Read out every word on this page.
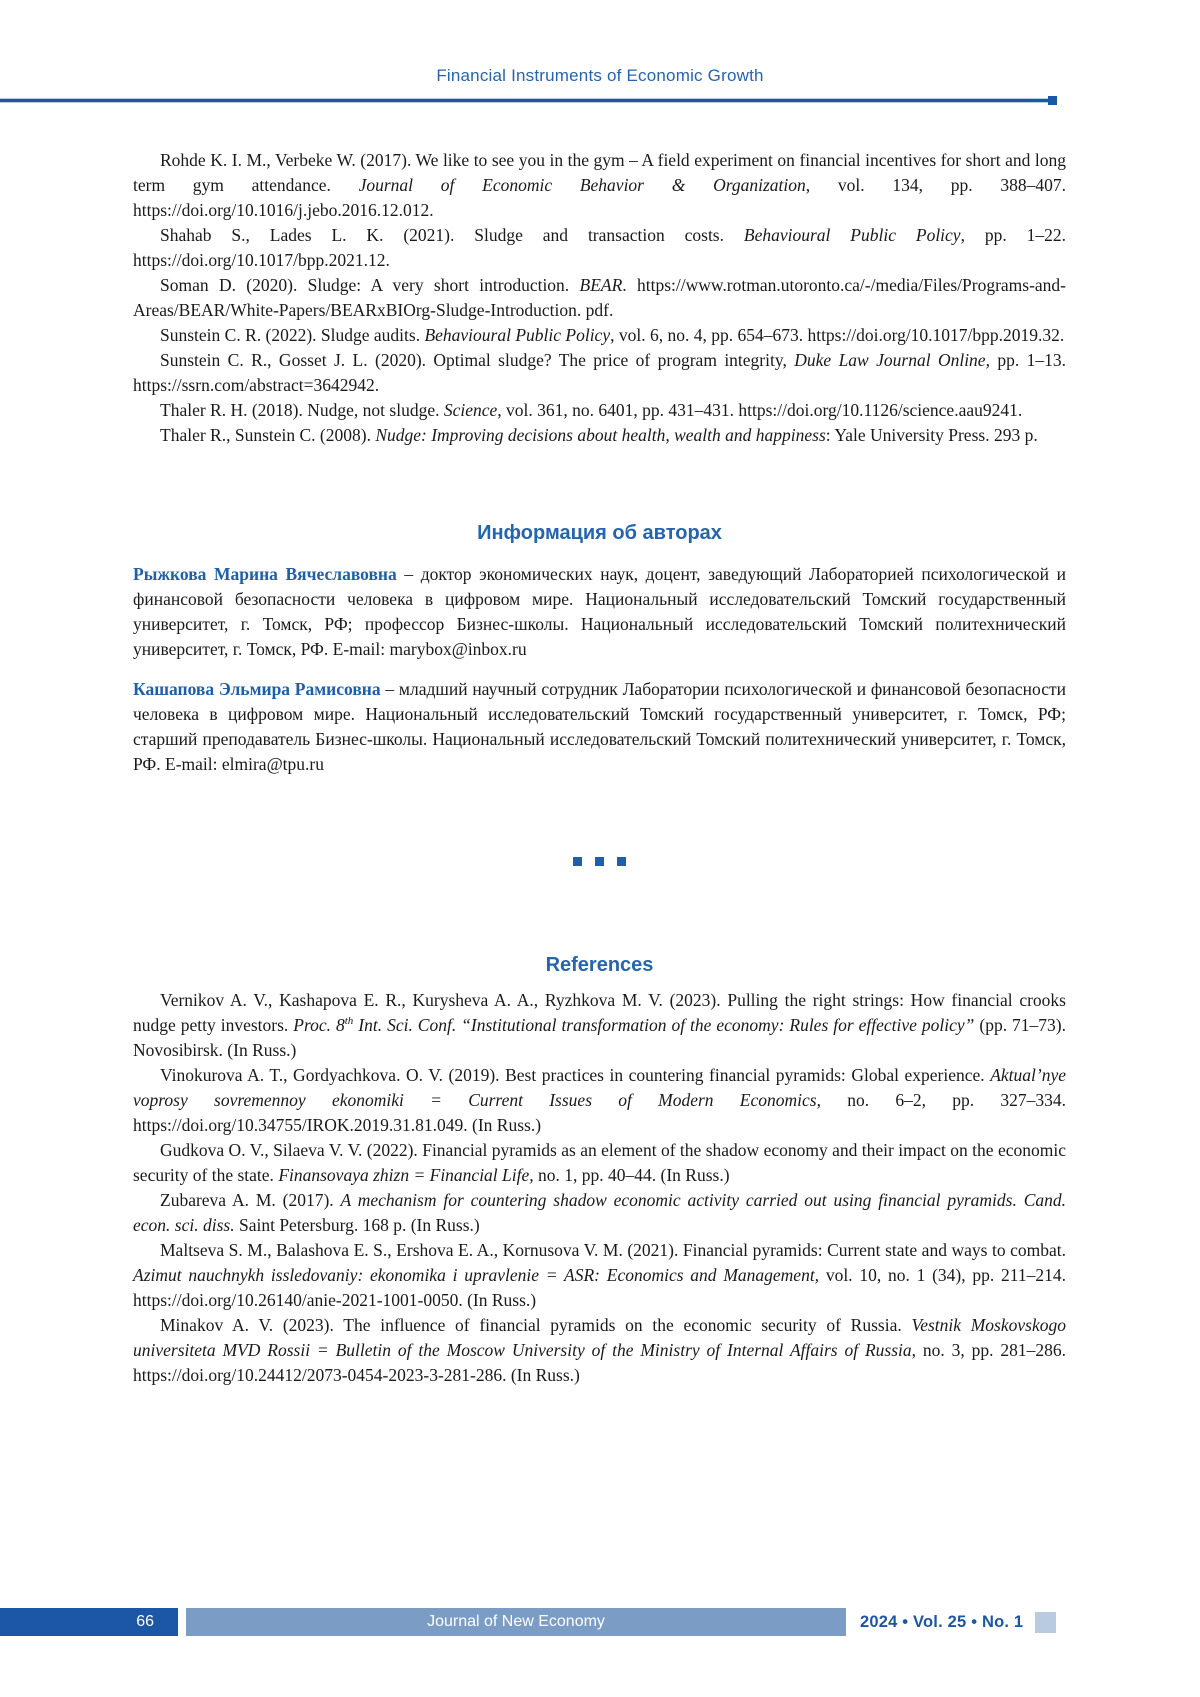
Financial Instruments of Economic Growth

Rohde K. I. M., Verbeke W. (2017). We like to see you in the gym – A field experiment on financial incentives for short and long term gym attendance. Journal of Economic Behavior & Organization, vol. 134, pp. 388–407. https://doi.org/10.1016/j.jebo.2016.12.012.

Shahab S., Lades L. K. (2021). Sludge and transaction costs. Behavioural Public Policy, pp. 1–22. https://doi.org/10.1017/bpp.2021.12.

Soman D. (2020). Sludge: A very short introduction. BEAR. https://www.rotman.utoronto.ca/-/media/Files/Programs-and-Areas/BEAR/White-Papers/BEARxBIOrg-Sludge-Introduction. pdf.

Sunstein C. R. (2022). Sludge audits. Behavioural Public Policy, vol. 6, no. 4, pp. 654–673. https://doi.org/10.1017/bpp.2019.32.

Sunstein C. R., Gosset J. L. (2020). Optimal sludge? The price of program integrity, Duke Law Journal Online, pp. 1–13. https://ssrn.com/abstract=3642942.

Thaler R. H. (2018). Nudge, not sludge. Science, vol. 361, no. 6401, pp. 431–431. https://doi.org/10.1126/science.aau9241.

Thaler R., Sunstein C. (2008). Nudge: Improving decisions about health, wealth and happiness: Yale University Press. 293 p.

Информация об авторах

Рыжкова Марина Вячеславовна – доктор экономических наук, доцент, заведующий Лабораторией психологической и финансовой безопасности человека в цифровом мире. Национальный исследовательский Томский государственный университет, г. Томск, РФ; профессор Бизнес-школы. Национальный исследовательский Томский политехнический университет, г. Томск, РФ. E-mail: marybox@inbox.ru

Кашапова Эльмира Рамисовна – младший научный сотрудник Лаборатории психологической и финансовой безопасности человека в цифровом мире. Национальный исследовательский Томский государственный университет, г. Томск, РФ; старший преподаватель Бизнес-школы. Национальный исследовательский Томский политехнический университет, г. Томск, РФ. E-mail: elmira@tpu.ru

References

Vernikov A. V., Kashapova E. R., Kurysheva A. A., Ryzhkova M. V. (2023). Pulling the right strings: How financial crooks nudge petty investors. Proc. 8th Int. Sci. Conf. “Institutional transformation of the economy: Rules for effective policy” (pp. 71–73). Novosibirsk. (In Russ.)

Vinokurova A. T., Gordyachkova. O. V. (2019). Best practices in countering financial pyramids: Global experience. Aktual’nye voprosy sovremennoy ekonomiki = Current Issues of Modern Economics, no. 6–2, pp. 327–334. https://doi.org/10.34755/IROK.2019.31.81.049. (In Russ.)

Gudkova O. V., Silaeva V. V. (2022). Financial pyramids as an element of the shadow economy and their impact on the economic security of the state. Finansovaya zhizn = Financial Life, no. 1, pp. 40–44. (In Russ.)

Zubareva A. M. (2017). A mechanism for countering shadow economic activity carried out using financial pyramids. Cand. econ. sci. diss. Saint Petersburg. 168 p. (In Russ.)

Maltseva S. M., Balashova E. S., Ershova E. A., Kornusova V. M. (2021). Financial pyramids: Current state and ways to combat. Azimut nauchnykh issledovaniy: ekonomika i upravlenie = ASR: Economics and Management, vol. 10, no. 1 (34), pp. 211–214. https://doi.org/10.26140/anie-2021-1001-0050. (In Russ.)

Minakov A. V. (2023). The influence of financial pyramids on the economic security of Russia. Vestnik Moskovskogo universiteta MVD Rossii = Bulletin of the Moscow University of the Ministry of Internal Affairs of Russia, no. 3, pp. 281–286. https://doi.org/10.24412/2073-0454-2023-3-281-286. (In Russ.)

66	Journal of New Economy	2024 • Vol. 25 • No. 1
